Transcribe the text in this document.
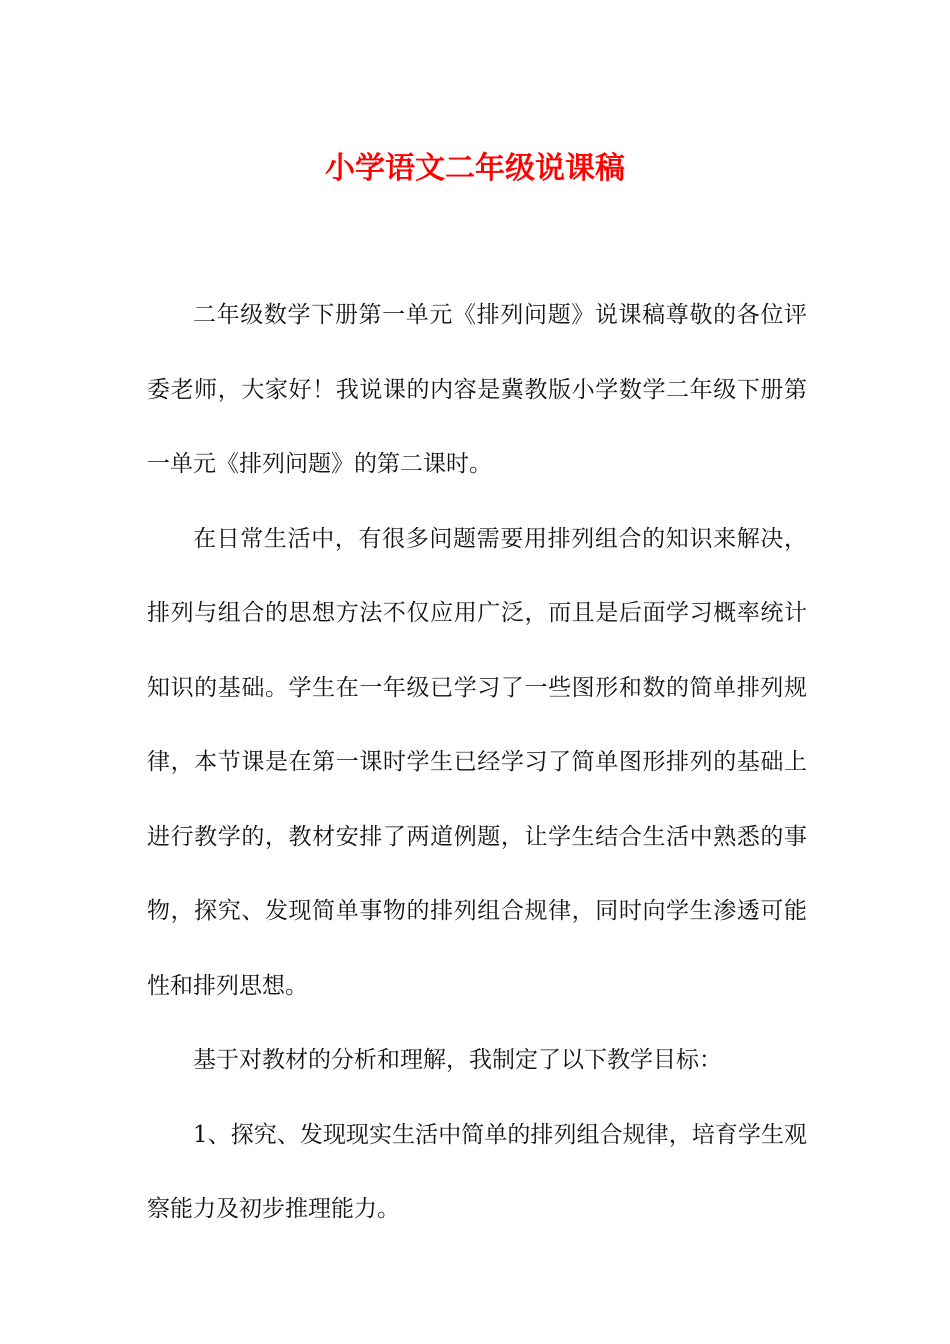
小学语文二年级说课稿

二年级数学下册第一单元《排列问题》说课稿尊敬的各位评委老师，大家好！我说课的内容是冀教版小学数学二年级下册第一单元《排列问题》的第二课时。

在日常生活中，有很多问题需要用排列组合的知识来解决，排列与组合的思想方法不仅应用广泛，而且是后面学习概率统计知识的基础。学生在一年级已学习了一些图形和数的简单排列规律，本节课是在第一课时学生已经学习了简单图形排列的基础上进行教学的，教材安排了两道例题，让学生结合生活中熟悉的事物，探究、发现简单事物的排列组合规律，同时向学生渗透可能性和排列思想。

基于对教材的分析和理解，我制定了以下教学目标：

1、探究、发现现实生活中简单的排列组合规律，培育学生观察能力及初步推理能力。
